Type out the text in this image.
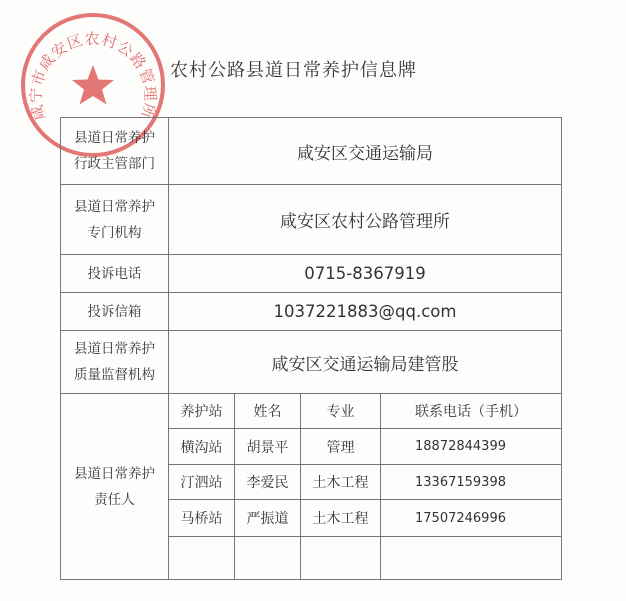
咸宁市咸安区农村公路管理所
农村公路县道日常养护信息牌
县道日常养护
行政主管部门	咸安区交通运输局			

县道日常养护
专门机构	咸安区农村公路管理所			
投诉电话	0715-8367919			
投诉信箱	1037221883@qq.com			

县道日常养护
质量监督机构	咸安区交通运输局建管股			

县道日常养护
责任人	养护站	姓名	专业	联系电话（手机）
	横沟站	胡景平	管理	18872844399
	汀泗站	李爱民	土木工程	13367159398
	马桥站	严振道	土木工程	17507246996
